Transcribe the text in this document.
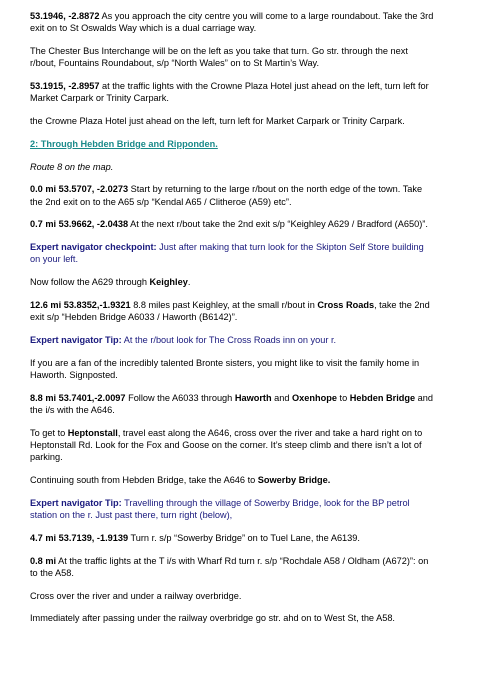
53.1946, -2.8872 As you approach the city centre you will come to a large roundabout. Take the 3rd exit on to St Oswalds Way which is a dual carriage way.

The Chester Bus Interchange will be on the left as you take that turn. Go str. through the next r/bout, Fountains Roundabout, s/p “North Wales” on to St Martin’s Way.

53.1915, -2.8957 at the traffic lights with the Crowne Plaza Hotel just ahead on the left, turn left for Market Carpark or Trinity Carpark.

the Crowne Plaza Hotel just ahead on the left, turn left for Market Carpark or Trinity Carpark.

2: Through Hebden Bridge and Ripponden.

Route 8 on the map.

0.0 mi 53.5707, -2.0273 Start by returning to the large r/bout on the north edge of the town. Take the 2nd exit on to the A65 s/p “Kendal A65 / Clitheroe (A59) etc”.

0.7 mi 53.9662, -2.0438 At the next r/bout take the 2nd exit s/p “Keighley A629 / Bradford (A650)”.

Expert navigator checkpoint: Just after making that turn look for the Skipton Self Store building on your left.

Now follow the A629 through Keighley.

12.6 mi 53.8352,-1.9321 8.8 miles past Keighley, at the small r/bout in Cross Roads, take the 2nd exit s/p “Hebden Bridge A6033 / Haworth (B6142)”.

Expert navigator Tip: At the r/bout look for The Cross Roads inn on your r.

If you are a fan of the incredibly talented Bronte sisters, you might like to visit the family home in Haworth. Signposted.

8.8 mi 53.7401,-2.0097 Follow the A6033 through Haworth and Oxenhope to Hebden Bridge and the i/s with the A646.

To get to Heptonstall, travel east along the A646, cross over the river and take a hard right on to Heptonstall Rd. Look for the Fox and Goose on the corner. It’s steep climb and there isn’t a lot of parking.

Continuing south from Hebden Bridge, take the A646 to Sowerby Bridge.

Expert navigator Tip: Travelling through the village of Sowerby Bridge, look for the BP petrol station on the r. Just past there, turn right (below),

4.7 mi 53.7139, -1.9139 Turn r. s/p “Sowerby Bridge” on to Tuel Lane, the A6139.

0.8 mi At the traffic lights at the T i/s with Wharf Rd turn r. s/p “Rochdale A58 / Oldham (A672)”: on to the A58.

Cross over the river and under a railway overbridge.

Immediately after passing under the railway overbridge go str. ahd on to West St, the A58.
